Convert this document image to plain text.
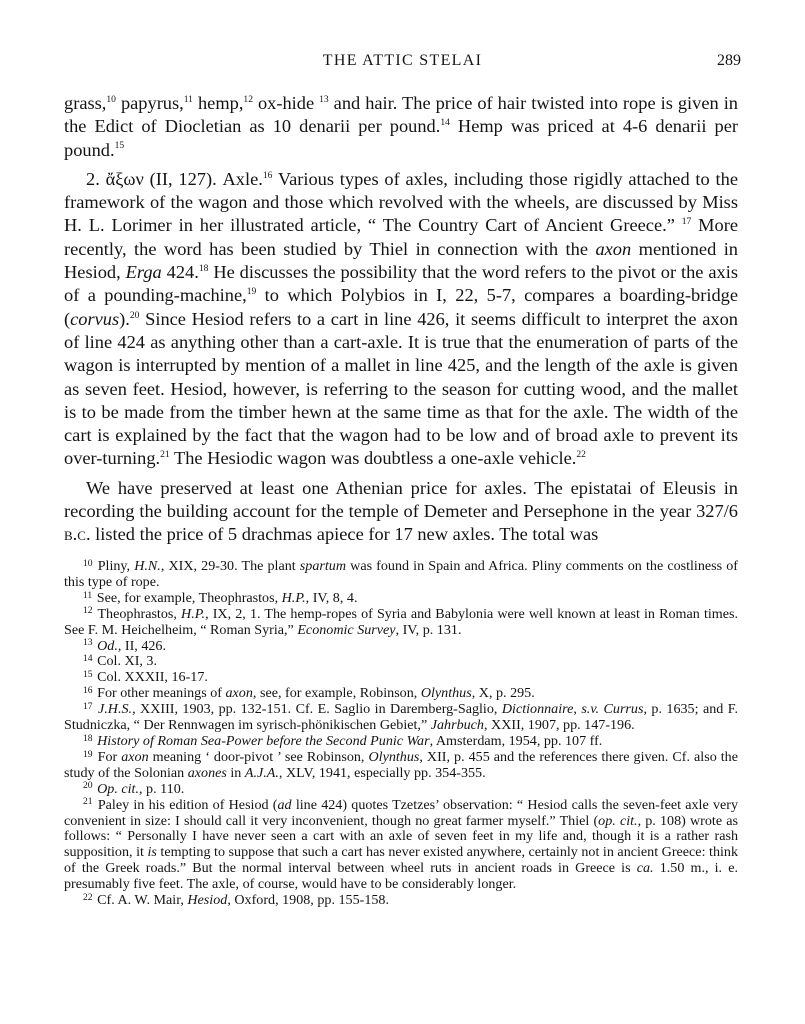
THE ATTIC STELAI	289

grass,$^{10}$ papyrus,$^{11}$ hemp,$^{12}$ ox-hide $^{13}$ and hair. The price of hair twisted into rope is given in the Edict of Diocletian as 10 denarii per pound.$^{14}$ Hemp was priced at 4-6 denarii per pound.$^{15}$

2. ἄξων (II, 127). Axle.$^{16}$ Various types of axles, including those rigidly attached to the framework of the wagon and those which revolved with the wheels, are discussed by Miss H. L. Lorimer in her illustrated article, “ The Country Cart of Ancient Greece.” $^{17}$ More recently, the word has been studied by Thiel in connection with the axon mentioned in Hesiod, Erga 424.18 He discusses the possibility that the word refers to the pivot or the axis of a pounding-machine,$^{19}$ to which Polybios in I, 22, 5-7, compares a boarding-bridge (corvus).$^{20}$ Since Hesiod refers to a cart in line 426, it seems difficult to interpret the axon of line 424 as anything other than a cart-axle. It is true that the enumeration of parts of the wagon is interrupted by mention of a mallet in line 425, and the length of the axle is given as seven feet. Hesiod, however, is referring to the season for cutting wood, and the mallet is to be made from the timber hewn at the same time as that for the axle. The width of the cart is explained by the fact that the wagon had to be low and of broad axle to prevent its over-turning.$^{21}$ The Hesiodic wagon was doubtless a one-axle vehicle.$^{22}$

We have preserved at least one Athenian price for axles. The epistatai of Eleusis in recording the building account for the temple of Demeter and Persephone in the year 327/6 b.c. listed the price of 5 drachmas apiece for 17 new axles. The total was

$^{10}$ Pliny, H.N., XIX, 29-30. The plant spartum was found in Spain and Africa. Pliny comments on the costliness of this type of rope.

$^{11}$ See, for example, Theophrastos, H.P., IV, 8, 4.

$^{12}$ Theophrastos, H.P., IX, 2, 1. The hemp-ropes of Syria and Babylonia were well known at least in Roman times. See F. M. Heichelheim, “ Roman Syria,” Economic Survey, IV, p. 131.

$^{13}$ Od., II, 426.

$^{14}$ Col. XI, 3.

$^{15}$ Col. XXXII, 16-17.

$^{16}$ For other meanings of axon, see, for example, Robinson, Olynthus, X, p. 295.

$^{17}$ J.H.S., XXIII, 1903, pp. 132-151. Cf. E. Saglio in Daremberg-Saglio, Dictionnaire, s.v. Currus, p. 1635; and F. Studniczka, “ Der Rennwagen im syrisch-phönikischen Gebiet,” Jahrbuch, XXII, 1907, pp. 147-196.

$^{18}$ History of Roman Sea-Power before the Second Punic War, Amsterdam, 1954, pp. 107 ff.

$^{19}$ For axon meaning ‘ door-pivot ’ see Robinson, Olynthus, XII, p. 455 and the references there given. Cf. also the study of the Solonian axones in A.J.A., XLV, 1941, especially pp. 354-355.

$^{20}$ Op. cit., p. 110.

$^{21}$ Paley in his edition of Hesiod (ad line 424) quotes Tzetzes’ observation: “ Hesiod calls the seven-feet axle very convenient in size: I should call it very inconvenient, though no great farmer myself.” Thiel (op. cit., p. 108) wrote as follows: “ Personally I have never seen a cart with an axle of seven feet in my life and, though it is a rather rash supposition, it is tempting to suppose that such a cart has never existed anywhere, certainly not in ancient Greece: think of the Greek roads.” But the normal interval between wheel ruts in ancient roads in Greece is ca. 1.50 m., i. e. presumably five feet. The axle, of course, would have to be considerably longer.

$^{22}$ Cf. A. W. Mair, Hesiod, Oxford, 1908, pp. 155-158.
